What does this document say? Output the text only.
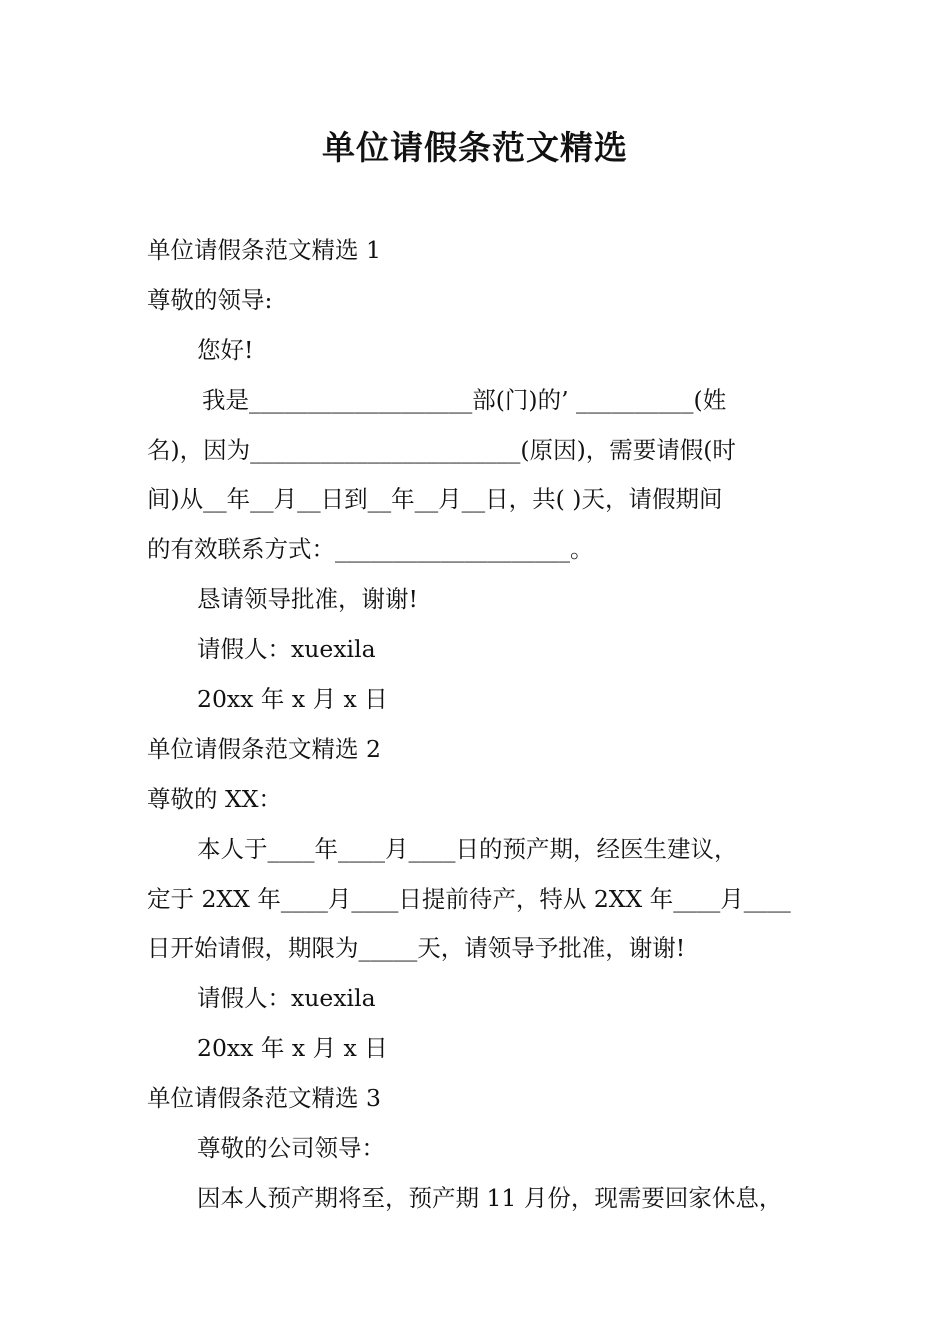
单位请假条范文精选

单位请假条范文精选 1

尊敬的领导:

您好!

我是___________________部(门)的’ __________(姓

名)，因为_______________________(原因)，需要请假(时

间)从__年__月__日到__年__月__日，共( )天，请假期间

的有效联系方式：____________________。

恳请领导批准，谢谢!

请假人：xuexila

20xx 年 x 月 x 日

单位请假条范文精选 2

尊敬的 XX：

本人于____年____月____日的预产期，经医生建议，

定于 2XX 年____月____日提前待产，特从 2XX 年____月____

日开始请假，期限为_____天，请领导予批准，谢谢!

请假人：xuexila

20xx 年 x 月 x 日

单位请假条范文精选 3

尊敬的公司领导：

因本人预产期将至，预产期 11 月份，现需要回家休息，
